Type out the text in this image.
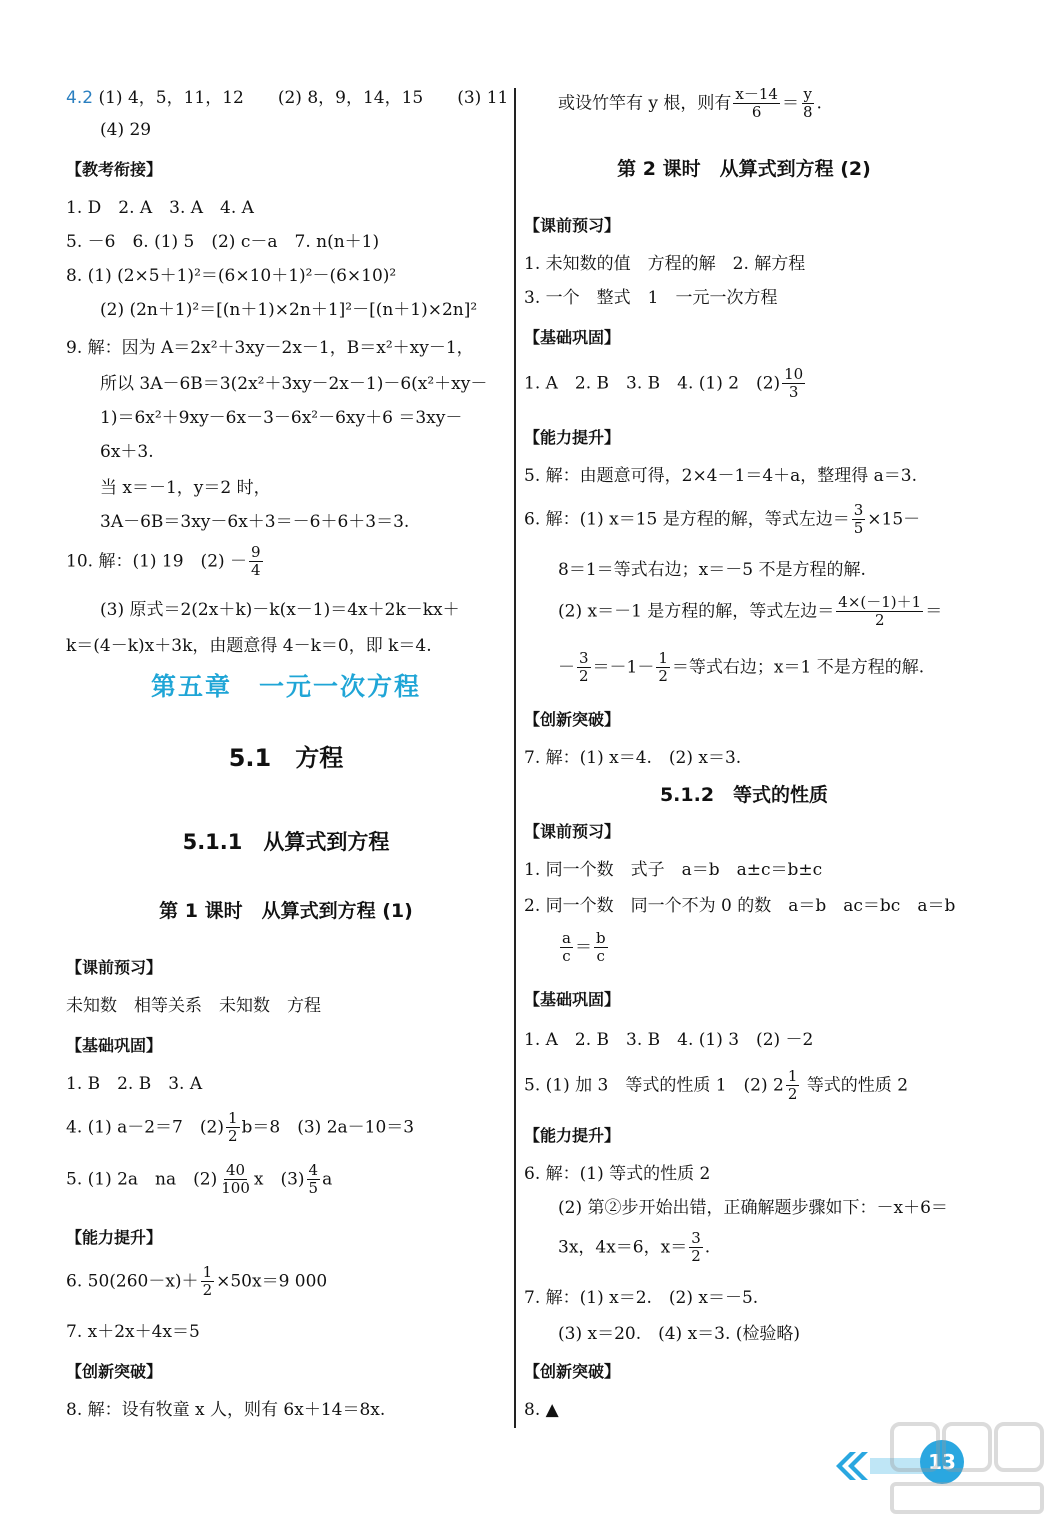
4.2 (1) 4，5，11，12　　(2) 8，9，14，15　　(3) 11
(4) 29
【教考衔接】
1. D　2. A　3. A　4. A
5. －6　6. (1) 5　(2) c－a　7. n(n＋1)
8. (1) (2×5＋1)²＝(6×10＋1)²－(6×10)²
(2) (2n＋1)²＝[(n＋1)×2n＋1]²－[(n＋1)×2n]²
9. 解：因为 A＝2x²＋3xy－2x－1，B＝x²＋xy－1，
所以 3A－6B＝3(2x²＋3xy－2x－1)－6(x²＋xy－
1)＝6x²＋9xy－6x－3－6x²－6xy＋6 ＝3xy－
6x＋3.
当 x＝－1，y＝2 时，
3A－6B＝3xy－6x＋3＝－6＋6＋3＝3.
10. 解：(1) 19　$(2) - \frac{9}{4}$
(3) 原式＝2(2x＋k)－k(x－1)＝4x＋2k－kx＋
k＝(4－k)x＋3k，由题意得 4－k＝0，即 k＝4.
第五章　一元一次方程
5.1　方程
5.1.1　从算式到方程
第 1 课时　从算式到方程 (1)
【课前预习】
未知数　相等关系　未知数　方程
【基础巩固】
1. B　2. B　3. A
4. (1) a－2＝7　$(2) \frac{1}{2} b=8$　(3) 2a－10＝3
5. (1) 2a　na　$(2) \frac{40}{100}$ x　$(3) \frac{4}{5}$ a
【能力提升】
6. $50(260-x)+ \frac{1}{2} \times 50x=9$ 000
7. x＋2x＋4x＝5
【创新突破】
8. 解：设有牧童 x 人，则有 6x＋14＝8x.
或设竹竿有 y 根，则有 $\frac{x-14}{6} = \frac{y}{8}$ .
第 2 课时　从算式到方程 (2)
【课前预习】
1. 未知数的值　方程的解　2. 解方程
3. 一个　整式　1　一元一次方程
【基础巩固】
1. A　2. B　3. B　4. (1) 2　$(2) \frac{10}{3}$
【能力提升】
5. 解：由题意可得，2×4－1＝4＋a，整理得 a＝3.
6. 解：(1) x＝15 是方程的解，等式左边＝ $\frac{3}{5} \times 15-$
8＝1＝等式右边；x＝－5 不是方程的解.
(2) x＝－1 是方程的解，等式左边＝ $\frac{4\times(-1)+1}{2}$ ＝
－ $\frac{3}{2} =-1- \frac{1}{2}$ ＝等式右边；x＝1 不是方程的解.
【创新突破】
7. 解：(1) x＝4.　(2) x＝3.
5.1.2　等式的性质
【课前预习】
1. 同一个数　式子　a＝b　a±c＝b±c
2. 同一个数　同一个不为 0 的数　a＝b　ac＝bc　a＝b
$\frac{a}{c} = \frac{b}{c}$
【基础巩固】
1. A　2. B　3. B　4. (1) 3　(2) －2
5. (1) 加 3　等式的性质 1　(2) $2 \frac{1}{2}$ 等式的性质 2
【能力提升】
6. 解：(1) 等式的性质 2
(2) 第②步开始出错，正确解题步骤如下：－x＋6＝
3x，4x＝6，$x= \frac{3}{2}$ .
7. 解：(1) x＝2.　(2) x＝－5.
(3) x＝20.　(4) x＝3. (检验略)
【创新突破】
8. ▲
13
